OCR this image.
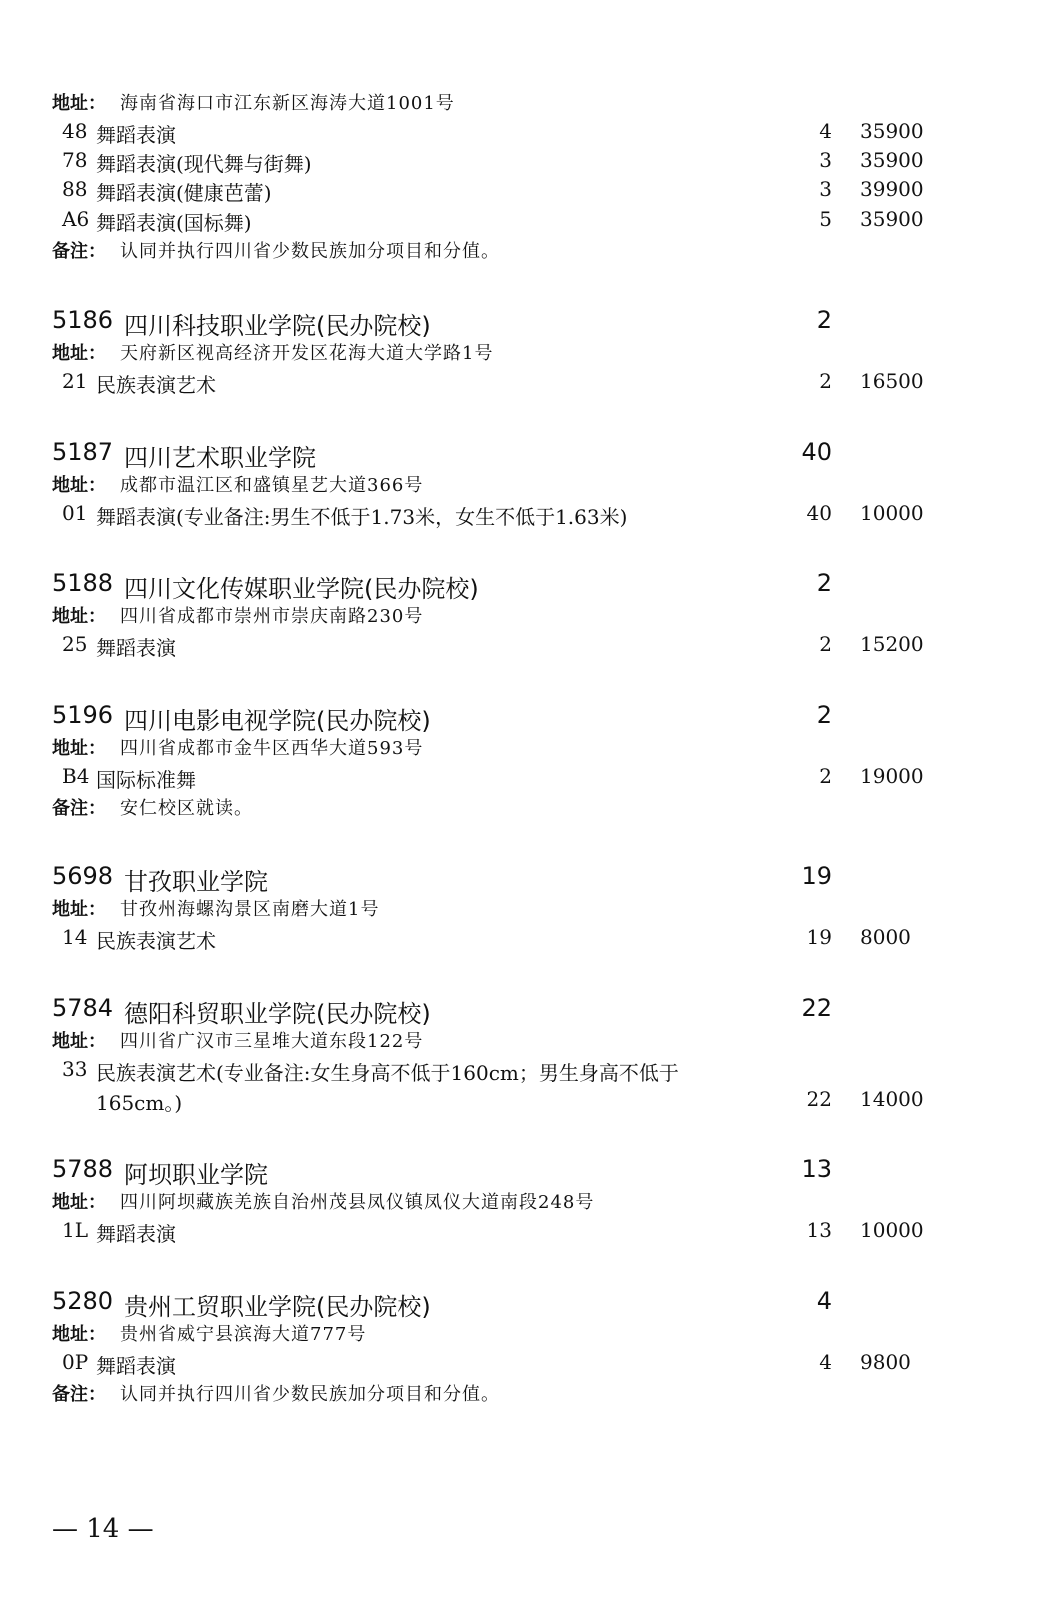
地址： 海南省海口市江东新区海涛大道1001号
48 舞蹈表演	4 35900
78 舞蹈表演(现代舞与街舞)	3 35900
88 舞蹈表演(健康芭蕾)	3 39900
A6 舞蹈表演(国标舞)	5 35900
备注： 认同并执行四川省少数民族加分项目和分值。
5186 四川科技职业学院(民办院校)	2
地址： 天府新区视高经济开发区花海大道大学路1号
21 民族表演艺术	2 16500
5187 四川艺术职业学院	40
地址： 成都市温江区和盛镇星艺大道366号
01 舞蹈表演(专业备注:男生不低于1.73米，女生不低于1.63米)	40 10000
5188 四川文化传媒职业学院(民办院校)	2
地址： 四川省成都市崇州市崇庆南路230号
25 舞蹈表演	2 15200
5196 四川电影电视学院(民办院校)	2
地址： 四川省成都市金牛区西华大道593号
B4 国际标准舞	2 19000
备注： 安仁校区就读。
5698 甘孜职业学院	19
地址： 甘孜州海螺沟景区南磨大道1号
14 民族表演艺术	19 8000
5784 德阳科贸职业学院(民办院校)	22
地址： 四川省广汉市三星堆大道东段122号
33 民族表演艺术(专业备注:女生身高不低于160cm；男生身高不低于
165cm。)	22 14000
5788 阿坝职业学院	13
地址： 四川阿坝藏族羌族自治州茂县凤仪镇凤仪大道南段248号
1L 舞蹈表演	13 10000
5280 贵州工贸职业学院(民办院校)	4
地址： 贵州省威宁县滨海大道777号
0P 舞蹈表演	4 9800
备注： 认同并执行四川省少数民族加分项目和分值。
— 14 —
